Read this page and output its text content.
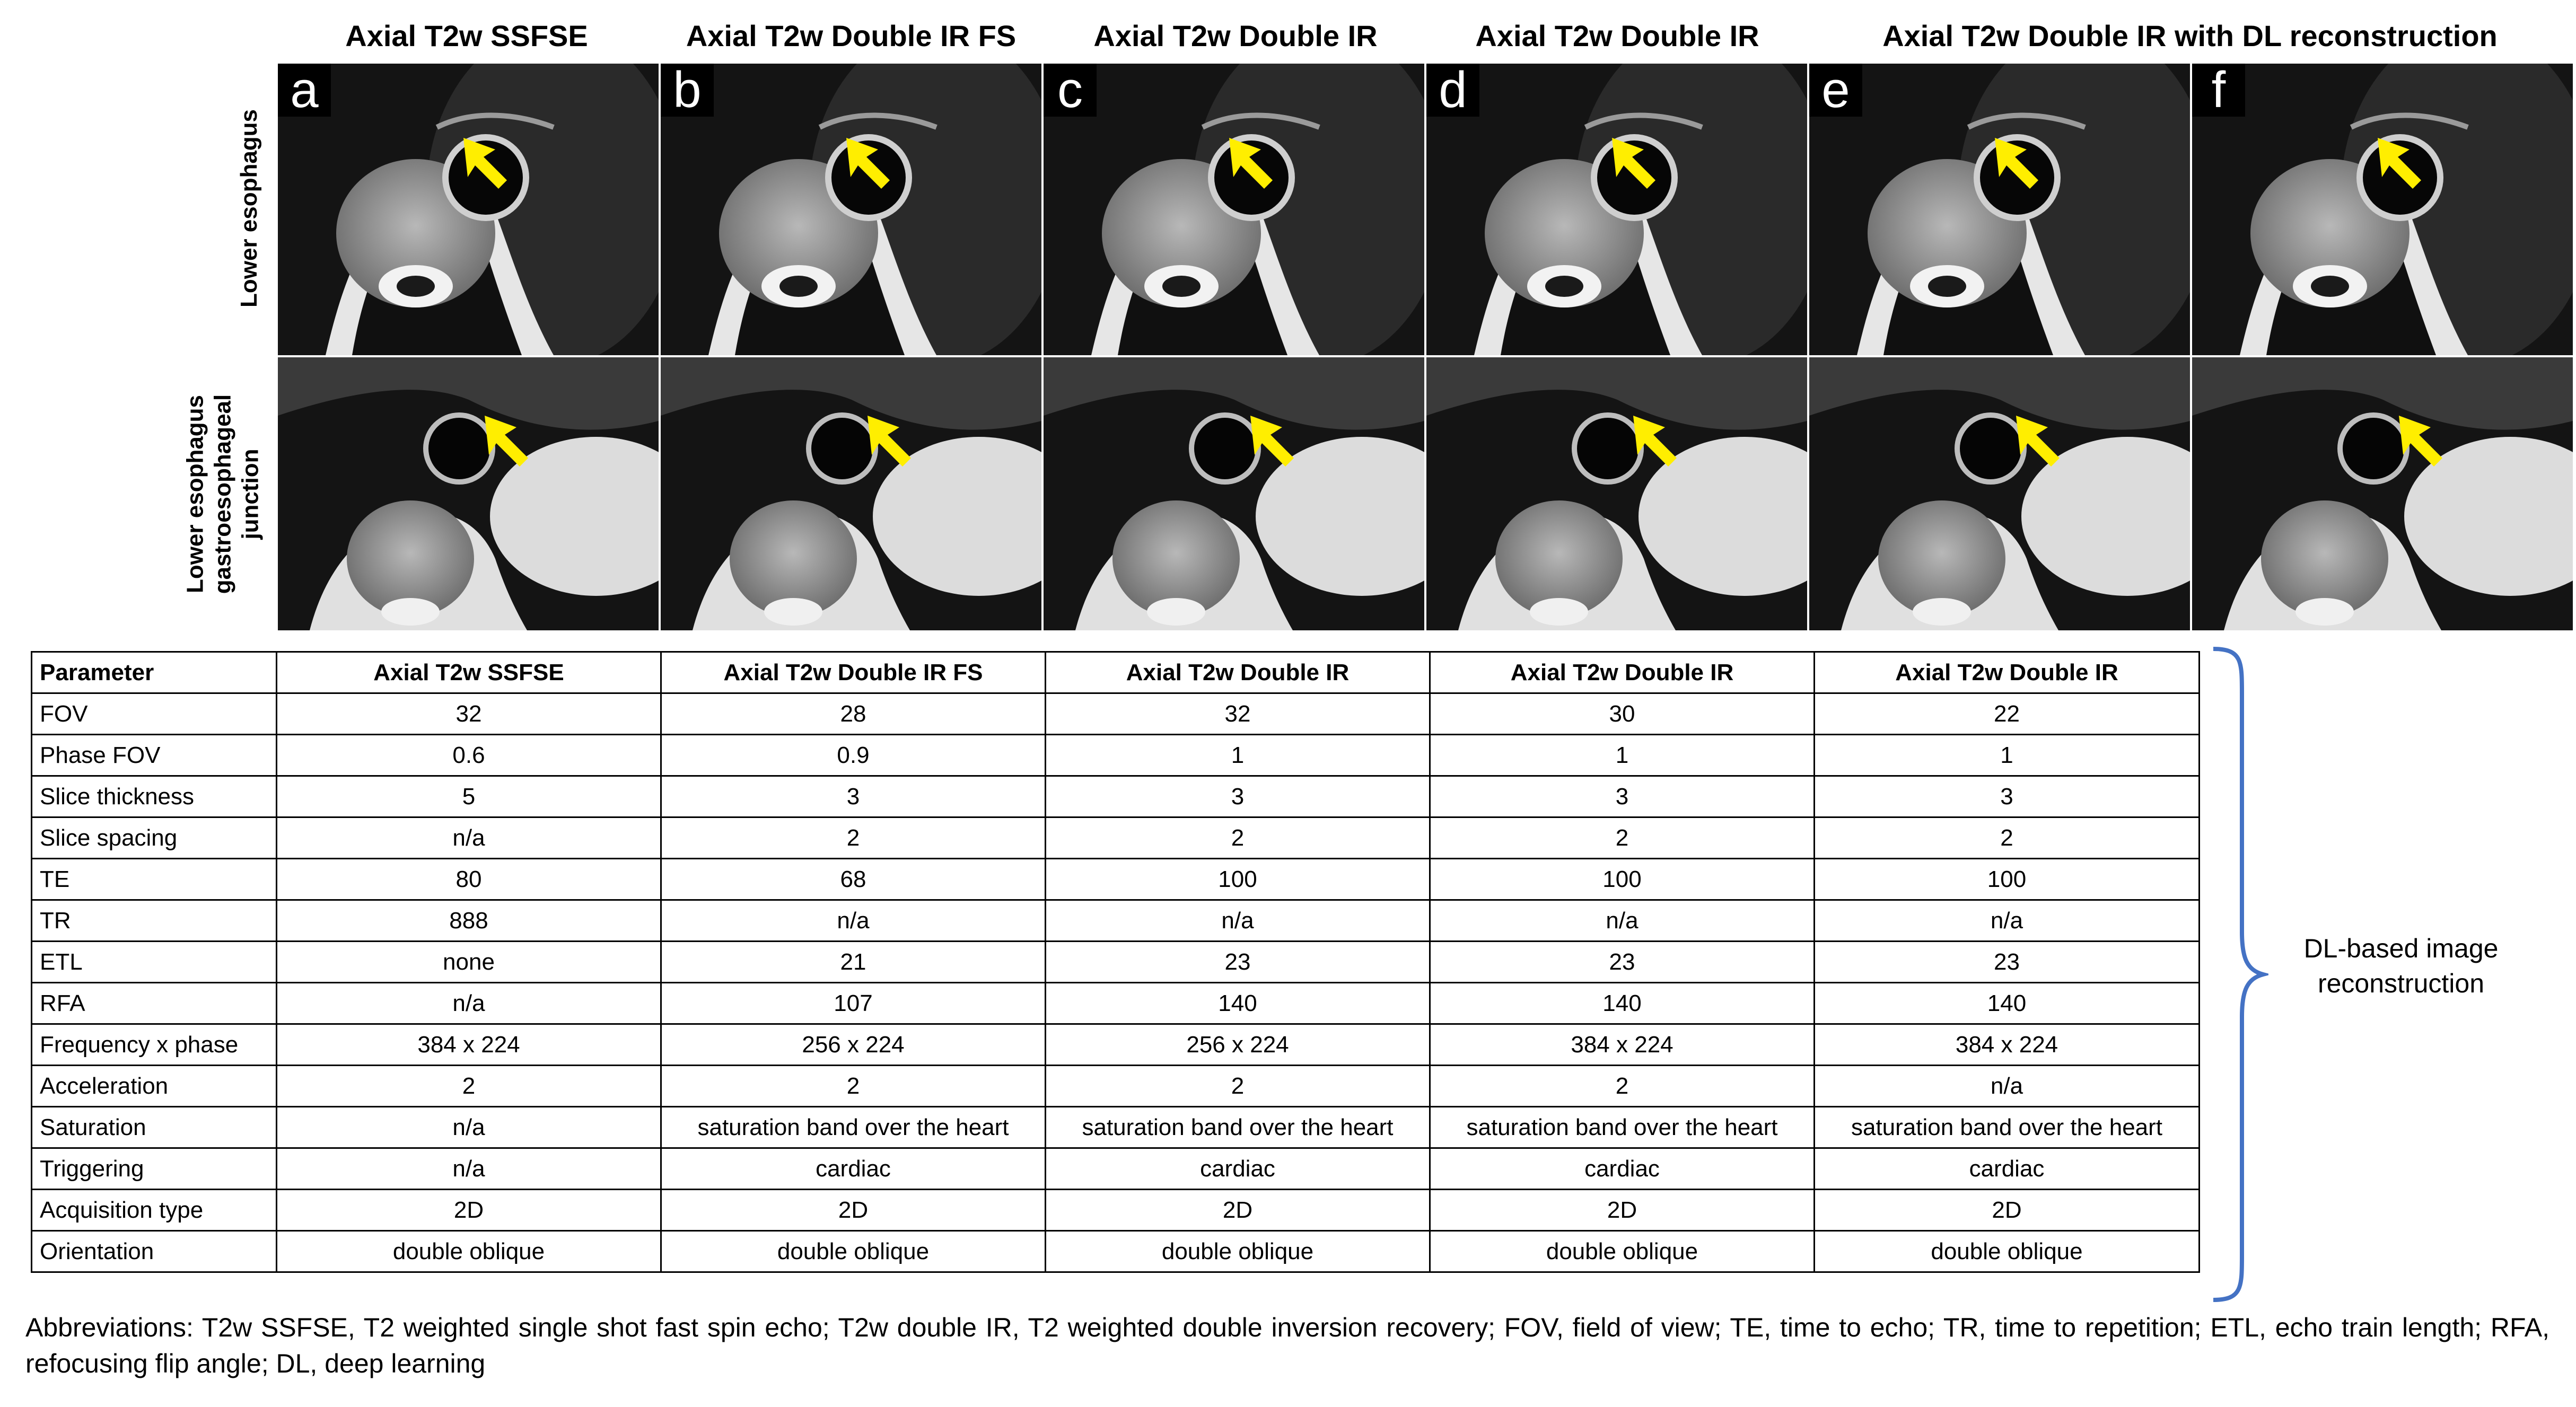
Axial T2w SSFSE	Axial T2w Double IR FS	Axial T2w Double IR	Axial T2w Double IR	Axial T2w Double IR with DL reconstruction
Lower esophagus
Lower esophagus gastroesophageal junction
a	b	c	d	e	f
Parameter	Axial T2w SSFSE	Axial T2w Double IR FS	Axial T2w Double IR	Axial T2w Double IR	Axial T2w Double IR
FOV	32	28	32	30	22
Phase FOV	0.6	0.9	1	1	1
Slice thickness	5	3	3	3	3
Slice spacing	n/a	2	2	2	2
TE	80	68	100	100	100
TR	888	n/a	n/a	n/a	n/a
ETL	none	21	23	23	23
RFA	n/a	107	140	140	140
Frequency x phase	384 x 224	256 x 224	256 x 224	384 x 224	384 x 224
Acceleration	2	2	2	2	n/a
Saturation	n/a	saturation band over the heart	saturation band over the heart	saturation band over the heart	saturation band over the heart
Triggering	n/a	cardiac	cardiac	cardiac	cardiac
Acquisition type	2D	2D	2D	2D	2D
Orientation	double oblique	double oblique	double oblique	double oblique	double oblique
DL-based image
reconstruction
Abbreviations: T2w SSFSE, T2 weighted single shot fast spin echo; T2w double IR, T2 weighted double inversion recovery; FOV, field of view; TE, time to echo; TR, time to repetition; ETL, echo train length; RFA, refocusing flip angle; DL, deep learning
